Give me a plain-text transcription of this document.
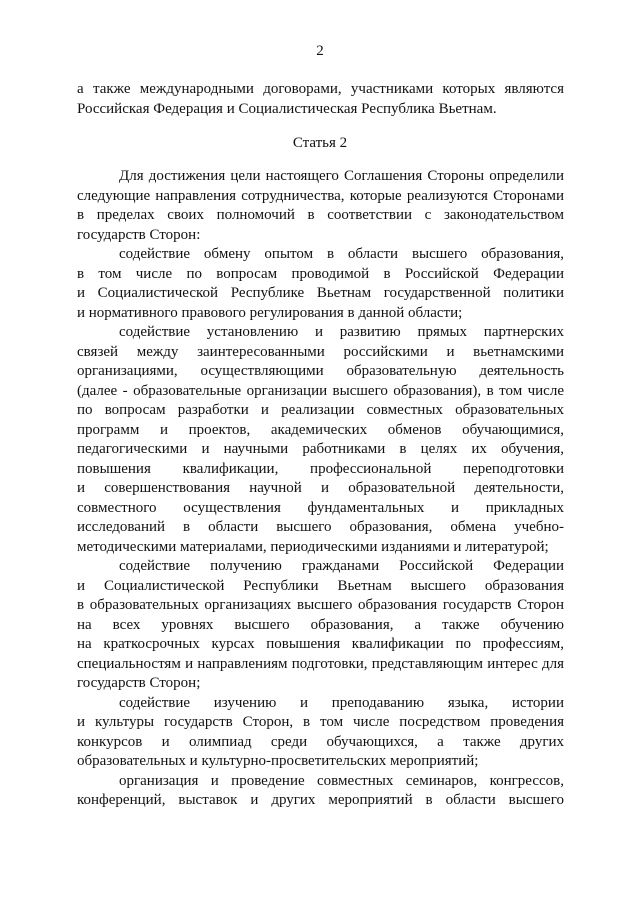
2
а также международными договорами, участниками которых являются
Российская Федерация и Социалистическая Республика Вьетнам.
Статья 2
Для достижения цели настоящего Соглашения Стороны определили
следующие направления сотрудничества, которые реализуются Сторонами
в пределах своих полномочий в соответствии с законодательством
государств Сторон:
содействие обмену опытом в области высшего образования,
в том числе по вопросам проводимой в Российской Федерации
и Социалистической Республике Вьетнам государственной политики
и нормативного правового регулирования в данной области;
содействие установлению и развитию прямых партнерских
связей между заинтересованными российскими и вьетнамскими
организациями, осуществляющими образовательную деятельность
(далее - образовательные организации высшего образования), в том числе
по вопросам разработки и реализации совместных образовательных
программ и проектов, академических обменов обучающимися,
педагогическими и научными работниками в целях их обучения,
повышения квалификации, профессиональной переподготовки
и совершенствования научной и образовательной деятельности,
совместного осуществления фундаментальных и прикладных
исследований в области высшего образования, обмена учебно-
методическими материалами, периодическими изданиями и литературой;
содействие получению гражданами Российской Федерации
и Социалистической Республики Вьетнам высшего образования
в образовательных организациях высшего образования государств Сторон
на всех уровнях высшего образования, а также обучению
на краткосрочных курсах повышения квалификации по профессиям,
специальностям и направлениям подготовки, представляющим интерес для
государств Сторон;
содействие изучению и преподаванию языка, истории
и культуры государств Сторон, в том числе посредством проведения
конкурсов и олимпиад среди обучающихся, а также других
образовательных и культурно-просветительских мероприятий;
организация и проведение совместных семинаров, конгрессов,
конференций, выставок и других мероприятий в области высшего
